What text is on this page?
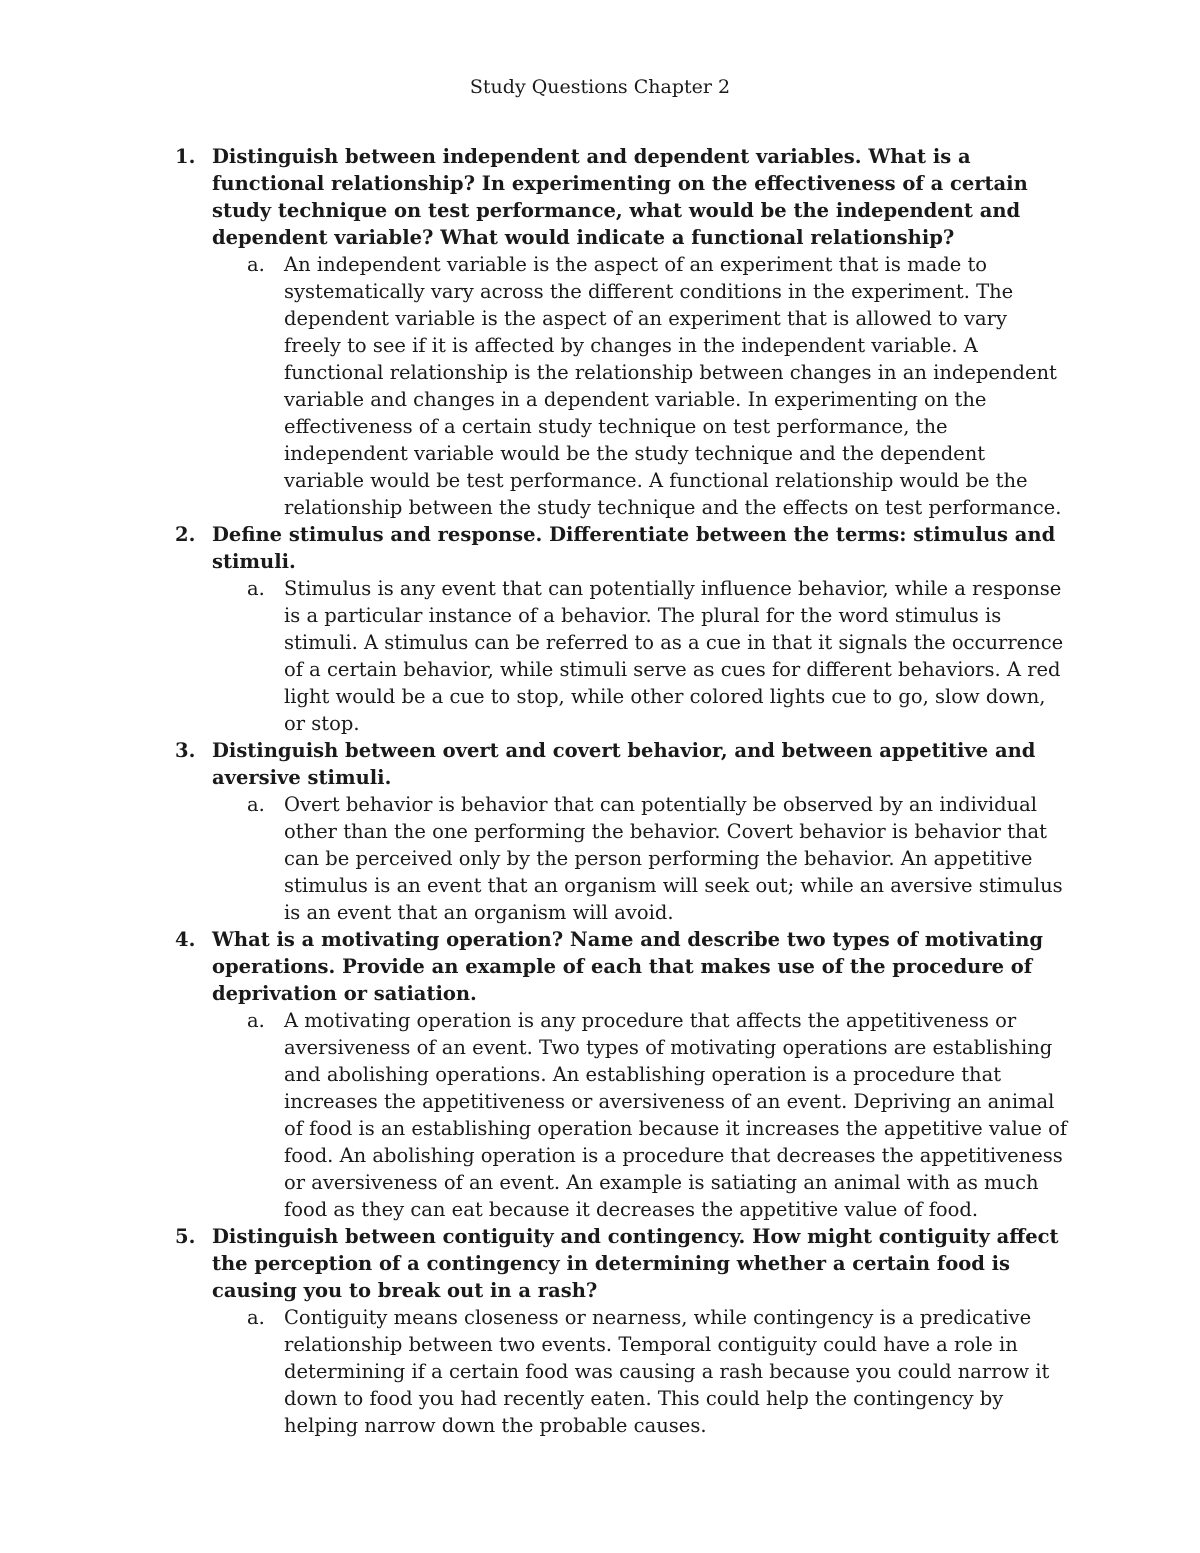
Study Questions Chapter 2
1. Distinguish between independent and dependent variables. What is a functional relationship? In experimenting on the effectiveness of a certain study technique on test performance, what would be the independent and dependent variable? What would indicate a functional relationship?

a. An independent variable is the aspect of an experiment that is made to systematically vary across the different conditions in the experiment. The dependent variable is the aspect of an experiment that is allowed to vary freely to see if it is affected by changes in the independent variable. A functional relationship is the relationship between changes in an independent variable and changes in a dependent variable. In experimenting on the effectiveness of a certain study technique on test performance, the independent variable would be the study technique and the dependent variable would be test performance. A functional relationship would be the relationship between the study technique and the effects on test performance.

2. Define stimulus and response. Differentiate between the terms: stimulus and stimuli.

a. Stimulus is any event that can potentially influence behavior, while a response is a particular instance of a behavior. The plural for the word stimulus is stimuli. A stimulus can be referred to as a cue in that it signals the occurrence of a certain behavior, while stimuli serve as cues for different behaviors. A red light would be a cue to stop, while other colored lights cue to go, slow down, or stop.

3. Distinguish between overt and covert behavior, and between appetitive and aversive stimuli.

a. Overt behavior is behavior that can potentially be observed by an individual other than the one performing the behavior. Covert behavior is behavior that can be perceived only by the person performing the behavior. An appetitive stimulus is an event that an organism will seek out; while an aversive stimulus is an event that an organism will avoid.

4. What is a motivating operation? Name and describe two types of motivating operations. Provide an example of each that makes use of the procedure of deprivation or satiation.

a. A motivating operation is any procedure that affects the appetitiveness or aversiveness of an event. Two types of motivating operations are establishing and abolishing operations. An establishing operation is a procedure that increases the appetitiveness or aversiveness of an event. Depriving an animal of food is an establishing operation because it increases the appetitive value of food. An abolishing operation is a procedure that decreases the appetitiveness or aversiveness of an event. An example is satiating an animal with as much food as they can eat because it decreases the appetitive value of food.

5. Distinguish between contiguity and contingency. How might contiguity affect the perception of a contingency in determining whether a certain food is causing you to break out in a rash?

a. Contiguity means closeness or nearness, while contingency is a predicative relationship between two events. Temporal contiguity could have a role in determining if a certain food was causing a rash because you could narrow it down to food you had recently eaten. This could help the contingency by helping narrow down the probable causes.
